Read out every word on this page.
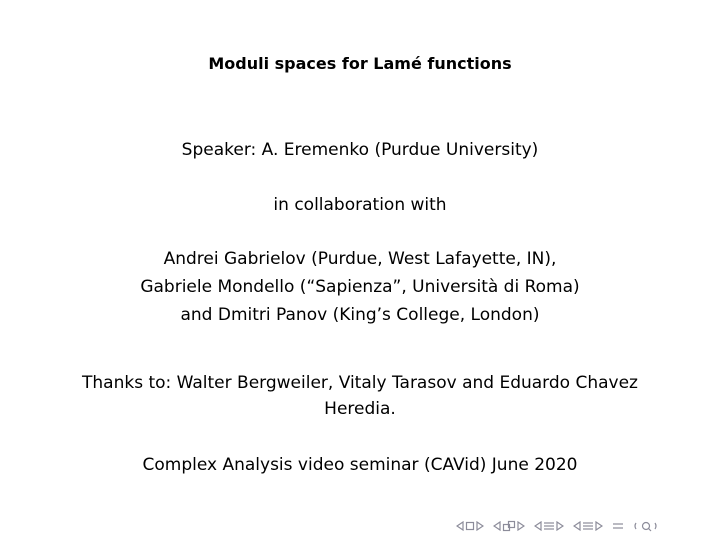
Moduli spaces for Lamé functions
Speaker: A. Eremenko (Purdue University)
in collaboration with
Andrei Gabrielov (Purdue, West Lafayette, IN),
Gabriele Mondello (“Sapienza”, Università di Roma)
and Dmitri Panov (King’s College, London)
Thanks to: Walter Bergweiler, Vitaly Tarasov and Eduardo Chavez
Heredia.
Complex Analysis video seminar (CAVid) June 2020
